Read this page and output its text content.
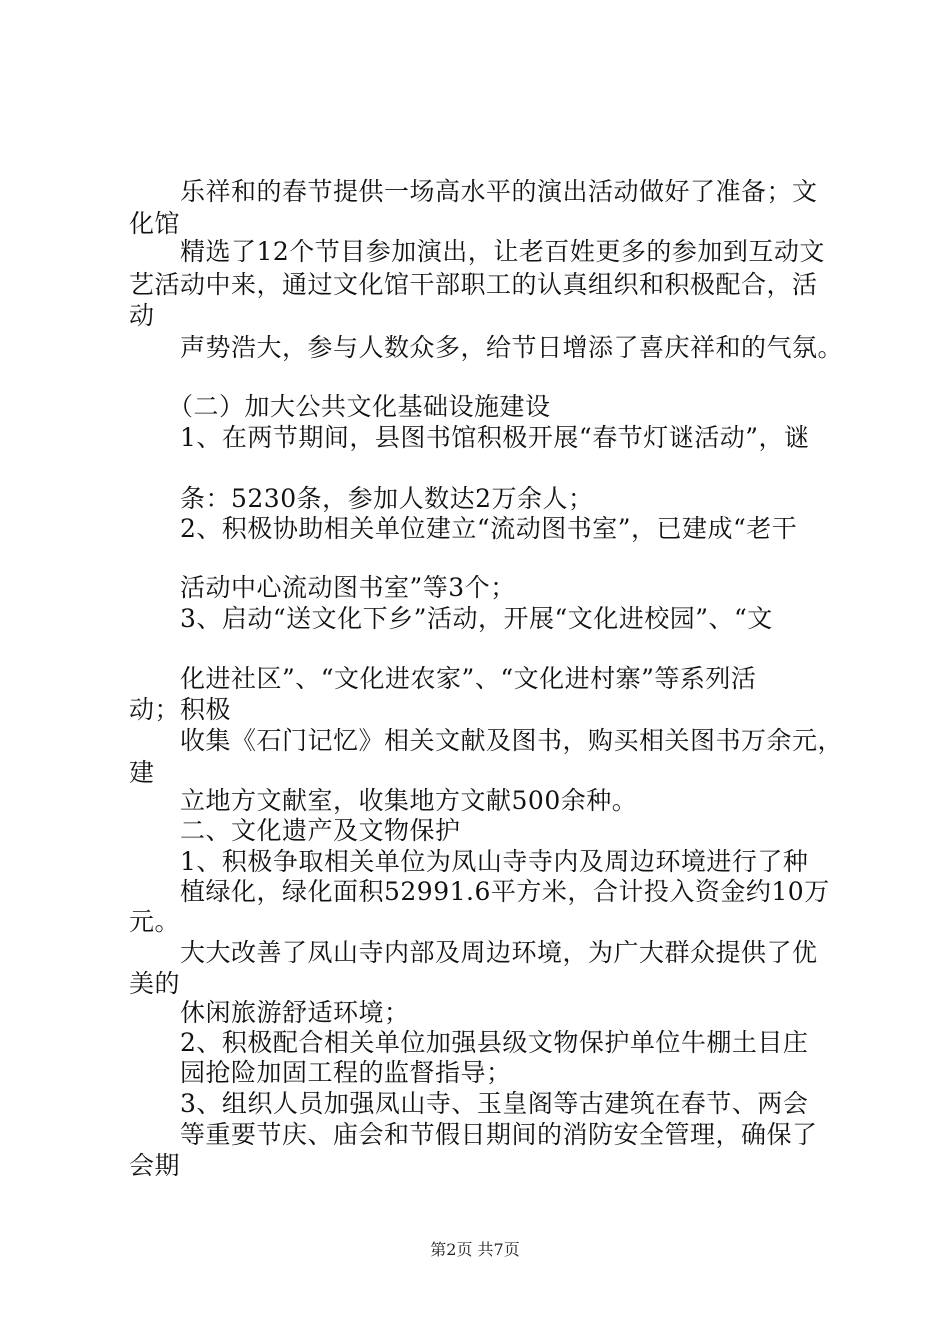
乐祥和的春节提供一场高水平的演出活动做好了准备；文
化馆
精选了12个节目参加演出，让老百姓更多的参加到互动文
艺活动中来，通过文化馆干部职工的认真组织和积极配合，活
动
声势浩大，参与人数众多，给节日增添了喜庆祥和的气氛。
（二）加大公共文化基础设施建设
1、在两节期间，县图书馆积极开展“春节灯谜活动”，谜
条：5230条，参加人数达2万余人；
2、积极协助相关单位建立“流动图书室”，已建成“老干
活动中心流动图书室”等3个；
3、启动“送文化下乡”活动，开展“文化进校园”、“文
化进社区”、“文化进农家”、“文化进村寨”等系列活
动；积极
收集《石门记忆》相关文献及图书，购买相关图书万余元，
建
立地方文献室，收集地方文献500余种。
二、文化遗产及文物保护
1、积极争取相关单位为凤山寺寺内及周边环境进行了种
植绿化，绿化面积52991.6平方米，合计投入资金约10万
元。
大大改善了凤山寺内部及周边环境，为广大群众提供了优
美的
休闲旅游舒适环境；
2、积极配合相关单位加强县级文物保护单位牛棚土目庄
园抢险加固工程的监督指导；
3、组织人员加强凤山寺、玉皇阁等古建筑在春节、两会
等重要节庆、庙会和节假日期间的消防安全管理，确保了
会期
第2页 共7页
